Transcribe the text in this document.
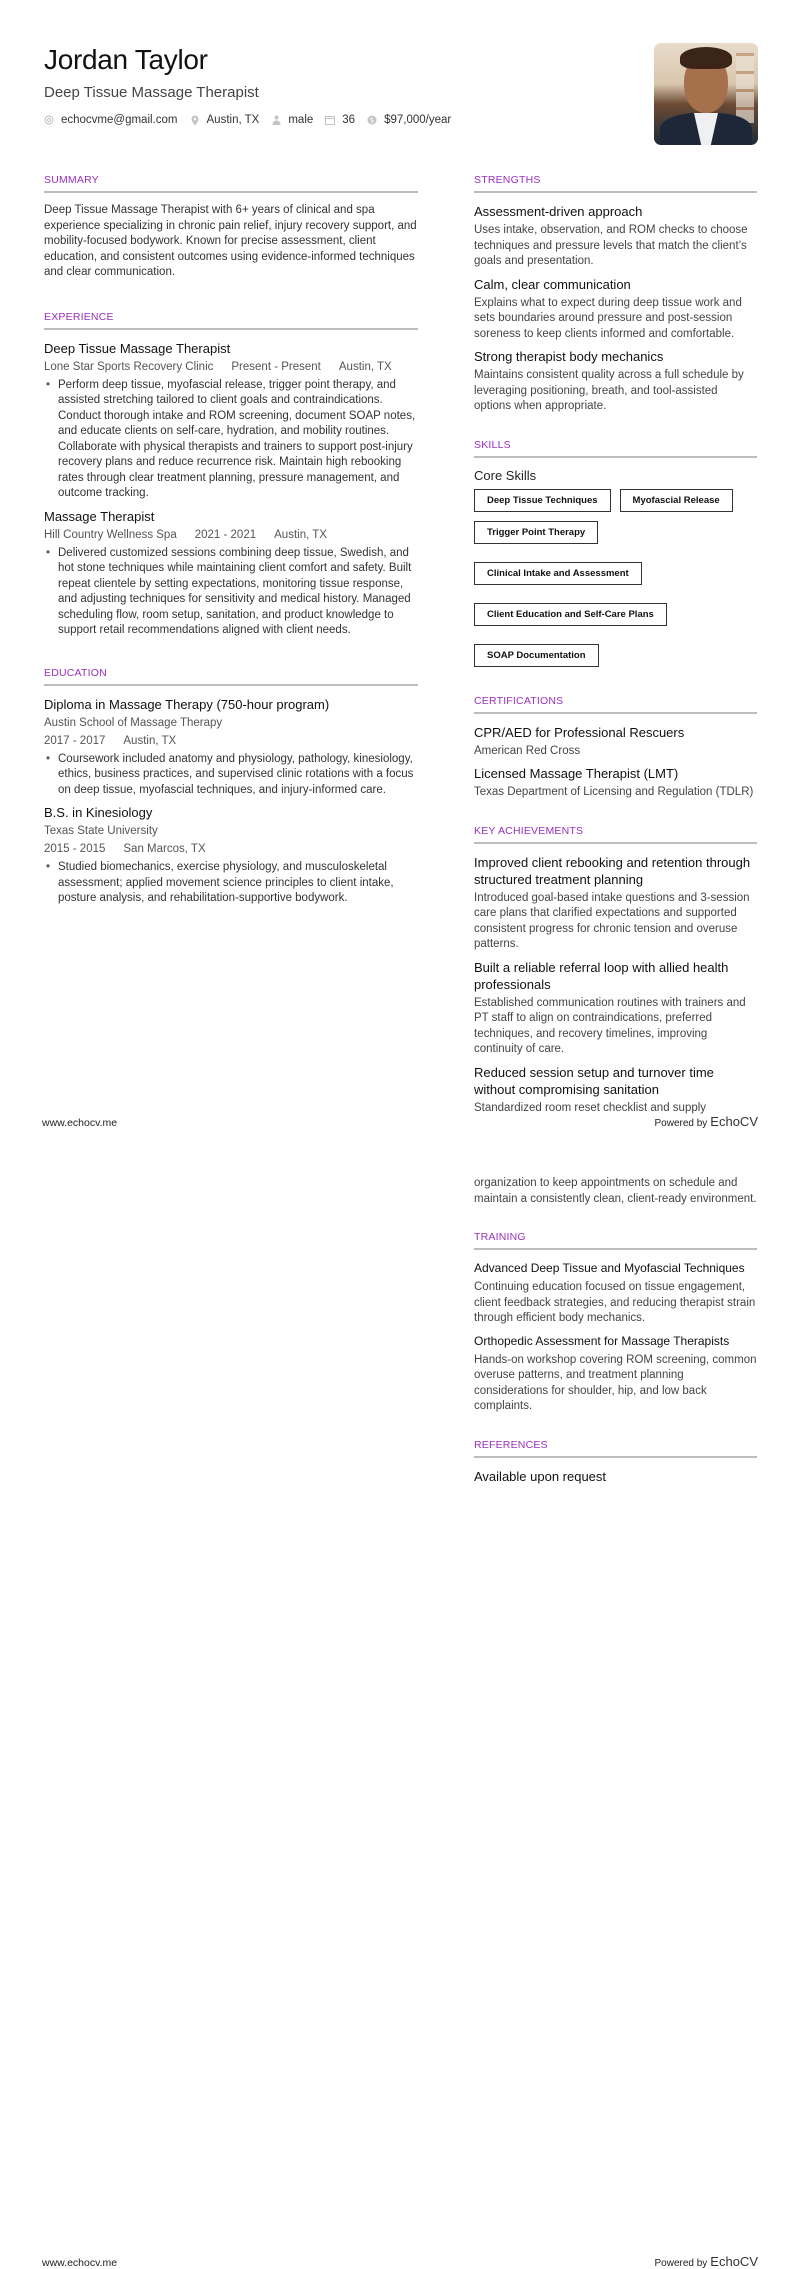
Jordan Taylor
Deep Tissue Massage Therapist
echocvme@gmail.com	Austin, TX	male	36 $ $97,000/year
SUMMARY

Deep Tissue Massage Therapist with 6+ years of clinical and spa experience specializing in chronic pain relief, injury recovery support, and mobility-focused bodywork. Known for precise assessment, client education, and consistent outcomes using evidence-informed techniques and clear communication.

EXPERIENCE
Deep Tissue Massage Therapist
Lone Star Sports Recovery Clinic Present - Present Austin, TX
• Perform deep tissue, myofascial release, trigger point therapy, and assisted stretching tailored to client goals and contraindications. Conduct thorough intake and ROM screening, document SOAP notes, and educate clients on self-care, hydration, and mobility routines. Collaborate with physical therapists and trainers to support post-injury recovery plans and reduce recurrence risk. Maintain high rebooking rates through clear treatment planning, pressure management, and outcome tracking.
Massage Therapist
Hill Country Wellness Spa 2021 - 2021 Austin, TX
• Delivered customized sessions combining deep tissue, Swedish, and hot stone techniques while maintaining client comfort and safety. Built repeat clientele by setting expectations, monitoring tissue response, and adjusting techniques for sensitivity and medical history. Managed scheduling flow, room setup, sanitation, and product knowledge to support retail recommendations aligned with client needs.
EDUCATION
Diploma in Massage Therapy (750-hour program)
Austin School of Massage Therapy
2017 - 2017 Austin, TX
• Coursework included anatomy and physiology, pathology, kinesiology, ethics, business practices, and supervised clinic rotations with a focus on deep tissue, myofascial techniques, and injury-informed care.
B.S. in Kinesiology
Texas State University
2015 - 2015 San Marcos, TX
• Studied biomechanics, exercise physiology, and musculoskeletal assessment; applied movement science principles to client intake, posture analysis, and rehabilitation-supportive bodywork.
STRENGTHS
Assessment-driven approach
Uses intake, observation, and ROM checks to choose techniques and pressure levels that match the client’s goals and presentation.
Calm, clear communication
Explains what to expect during deep tissue work and sets boundaries around pressure and post-session soreness to keep clients informed and comfortable.
Strong therapist body mechanics
Maintains consistent quality across a full schedule by leveraging positioning, breath, and tool-assisted options when appropriate.
SKILLS
Core Skills
Deep Tissue Techniques	Myofascial Release
Trigger Point Therapy
Clinical Intake and Assessment
Client Education and Self-Care Plans
SOAP Documentation
CERTIFICATIONS
CPR/AED for Professional Rescuers
American Red Cross
Licensed Massage Therapist (LMT)
Texas Department of Licensing and Regulation (TDLR)
KEY ACHIEVEMENTS
Improved client rebooking and retention through structured treatment planning
Introduced goal-based intake questions and 3-session care plans that clarified expectations and supported consistent progress for chronic tension and overuse patterns.
Built a reliable referral loop with allied health professionals
Established communication routines with trainers and PT staff to align on contraindications, preferred techniques, and recovery timelines, improving continuity of care.
Reduced session setup and turnover time without compromising sanitation
Standardized room reset checklist and supply
www.echocv.me	Powered by EchoCV
organization to keep appointments on schedule and maintain a consistently clean, client-ready environment.
TRAINING
Advanced Deep Tissue and Myofascial Techniques
Continuing education focused on tissue engagement, client feedback strategies, and reducing therapist strain through efficient body mechanics.
Orthopedic Assessment for Massage Therapists
Hands-on workshop covering ROM screening, common overuse patterns, and treatment planning considerations for shoulder, hip, and low back complaints.
REFERENCES
Available upon request
www.echocv.me	Powered by EchoCV
